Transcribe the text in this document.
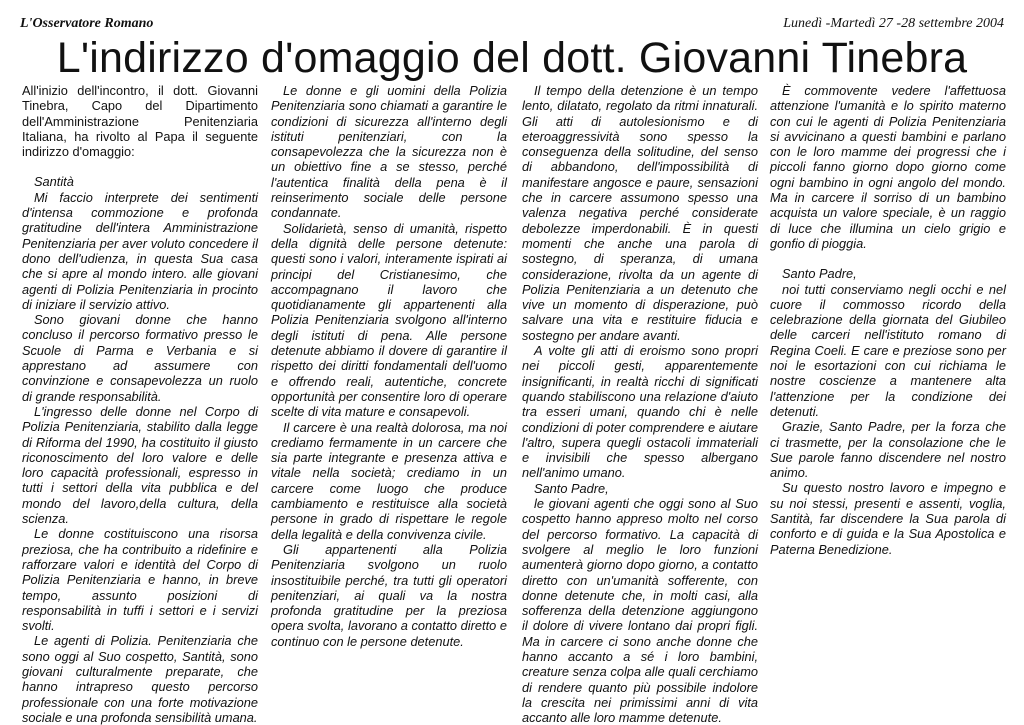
L'Osservatore Romano	Lunedì -Martedì 27 -28 settembre 2004
L'indirizzo d'omaggio del dott. Giovanni Tinebra

All'inizio dell'incontro, il dott. Giovanni Tinebra, Capo del Dipartimento dell'Amministrazione Penitenziaria Italiana, ha rivolto al Papa il seguente indirizzo d'omaggio:

Santità

Mi faccio interprete dei sentimenti d'intensa commozione e profonda gratitudine dell'intera Amministrazione Penitenziaria per aver voluto concedere il dono dell'udienza, in questa Sua casa che si apre al mondo intero. alle giovani agenti di Polizia Penitenziaria in procinto di iniziare il servizio attivo.

Sono giovani donne che hanno concluso il percorso formativo presso le Scuole di Parma e Verbania e si apprestano ad assumere con convinzione e consapevolezza un ruolo di grande responsabilità.

L'ingresso delle donne nel Corpo di Polizia Penitenziaria, stabilito dalla legge di Riforma del 1990, ha costituito il giusto riconoscimento del loro valore e delle loro capacità professionali, espresso in tutti i settori della vita pubblica e del mondo del lavoro,della cultura, della scienza.

Le donne costituiscono una risorsa preziosa, che ha contribuito a ridefinire e rafforzare valori e identità del Corpo di Polizia Penitenziaria e hanno, in breve tempo, assunto posizioni di responsabilità in tuffi i settori e i servizi svolti.

Le agenti di Polizia. Penitenziaria che sono oggi al Suo cospetto, Santità, sono giovani culturalmente preparate, che hanno intrapreso questo percorso professionale con una forte motivazione sociale e una profonda sensibilità umana.

Le donne e gli uomini della Polizia Penitenziaria sono chiamati a garantire le condizioni di sicurezza all'interno degli istituti penitenziari, con la consapevolezza che la sicurezza non è un obiettivo fine a se stesso, perché l'autentica finalità della pena è il reinserimento sociale delle persone condannate.

Solidarietà, senso di umanità, rispetto della dignità delle persone detenute: questi sono i valori, interamente ispirati ai principi del Cristianesimo, che accompagnano il lavoro che quotidianamente gli appartenenti alla Polizia Penitenziaria svolgono all'interno degli istituti di pena. Alle persone detenute abbiamo il dovere di garantire il rispetto dei diritti fondamentali dell'uomo e offrendo reali, autentiche, concrete opportunità per consentire loro di operare scelte di vita mature e consapevoli.

Il carcere è una realtà dolorosa, ma noi crediamo fermamente in un carcere che sia parte integrante e presenza attiva e vitale nella società; crediamo in un carcere come luogo che produce cambiamento e restituisce alla società persone in grado di rispettare le regole della legalità e della convivenza civile.

Gli appartenenti alla Polizia Penitenziaria svolgono un ruolo insostituibile perché, tra tutti gli operatori penitenziari, ai quali va la nostra profonda gratitudine per la preziosa opera svolta, lavorano a contatto diretto e continuo con le persone detenute.

Il tempo della detenzione è un tempo lento, dilatato, regolato da ritmi innaturali. Gli atti di autolesionismo e di eteroaggressività sono spesso la conseguenza della solitudine, del senso di abbandono, dell'impossibilità di manifestare angosce e paure, sensazioni che in carcere assumono spesso una valenza negativa perché considerate debolezze imperdonabili. È in questi momenti che anche una parola di sostegno, di speranza, di umana considerazione, rivolta da un agente di Polizia Penitenziaria a un detenuto che vive un momento di disperazione, può salvare una vita e restituire fiducia e sostegno per andare avanti.

A volte gli atti di eroismo sono propri nei piccoli gesti, apparentemente insignificanti, in realtà ricchi di significati quando stabiliscono una relazione d'aiuto tra esseri umani, quando chi è nelle condizioni di poter comprendere e aiutare l'altro, supera quegli ostacoli immateriali e invisibili che spesso albergano nell'animo umano.

Santo Padre,

le giovani agenti che oggi sono al Suo cospetto hanno appreso molto nel corso del percorso formativo. La capacità di svolgere al meglio le loro funzioni aumenterà giorno dopo giorno, a contatto diretto con un'umanità sofferente, con donne detenute che, in molti casi, alla sofferenza della detenzione aggiungono il dolore di vivere lontano dai propri figli. Ma in carcere ci sono anche donne che hanno accanto a sé i loro bambini, creature senza colpa alle quali cerchiamo di rendere quanto più possibile indolore la crescita nei primissimi anni di vita accanto alle loro mamme detenute.

È commovente vedere l'affettuosa attenzione l'umanità e lo spirito materno con cui le agenti di Polizia Penitenziaria si avvicinano a questi bambini e parlano con le loro mamme dei progressi che i piccoli fanno giorno dopo giorno come ogni bambino in ogni angolo del mondo. Ma in carcere il sorriso di un bambino acquista un valore speciale, è un raggio di luce che illumina un cielo grigio e gonfio di pioggia.

Santo Padre,

noi tutti conserviamo negli occhi e nel cuore il commosso ricordo della celebrazione della giornata del Giubileo delle carceri nell'istituto romano di Regina Coeli. E care e preziose sono per noi le esortazioni con cui richiama le nostre coscienze a mantenere alta l'attenzione per la condizione dei detenuti.

Grazie, Santo Padre, per la forza che ci trasmette, per la consolazione che le Sue parole fanno discendere nel nostro animo.

Su questo nostro lavoro e impegno e su noi stessi, presenti e assenti, voglia, Santità, far discendere la Sua parola di conforto e di guida e la Sua Apostolica e Paterna Benedizione.
